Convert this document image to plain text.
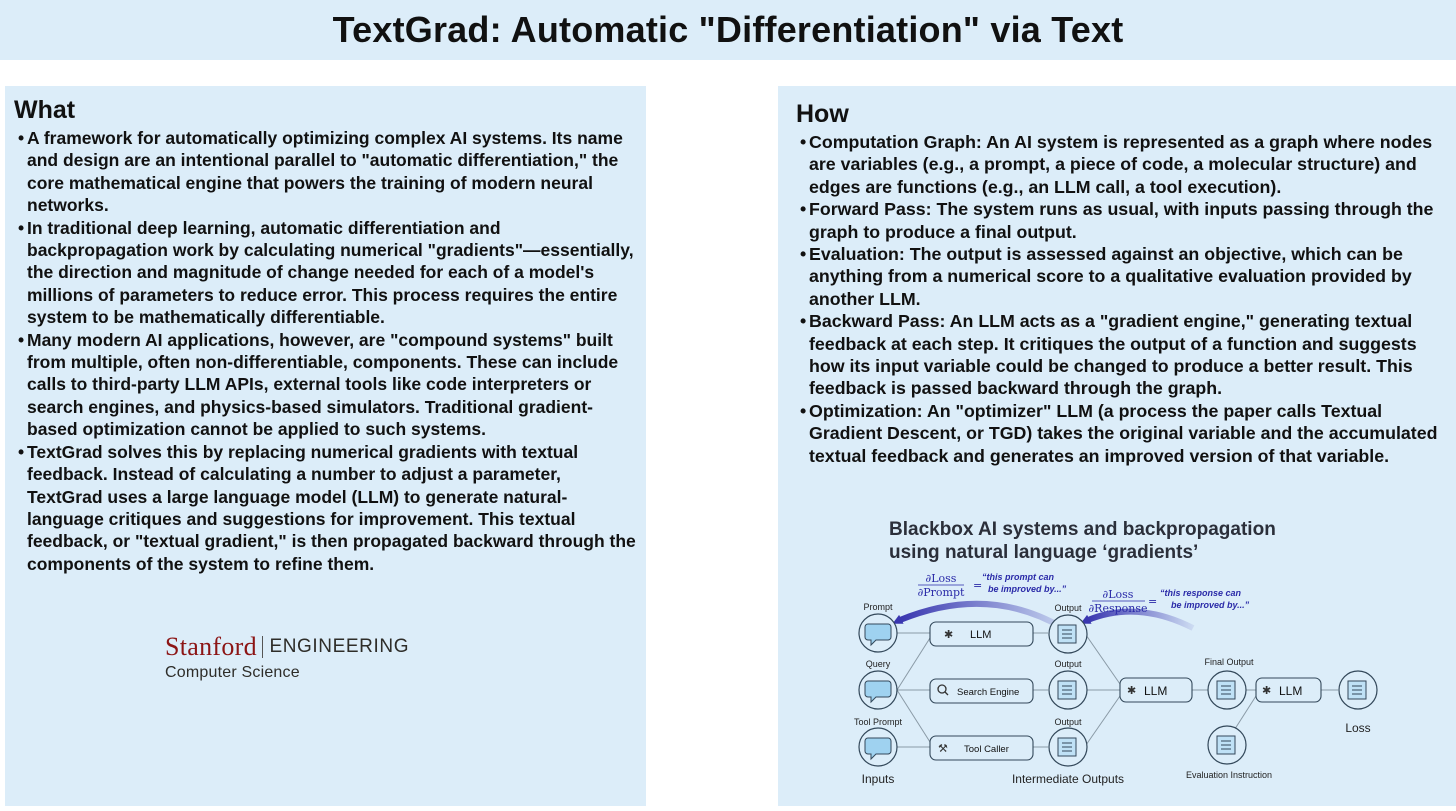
TextGrad: Automatic "Differentiation" via Text
What
• A framework for automatically optimizing complex AI systems. Its name and design are an intentional parallel to "automatic differentiation," the core mathematical engine that powers the training of modern neural networks.
• In traditional deep learning, automatic differentiation and backpropagation work by calculating numerical "gradients"—essentially, the direction and magnitude of change needed for each of a model's millions of parameters to reduce error. This process requires the entire system to be mathematically differentiable.
• Many modern AI applications, however, are "compound systems" built from multiple, often non-differentiable, components. These can include calls to third-party LLM APIs, external tools like code interpreters or search engines, and physics-based simulators. Traditional gradient-based optimization cannot be applied to such systems.
• TextGrad solves this by replacing numerical gradients with textual feedback. Instead of calculating a number to adjust a parameter, TextGrad uses a large language model (LLM) to generate natural-language critiques and suggestions for improvement. This textual feedback, or "textual gradient," is then propagated backward through the components of the system to refine them.
Stanford ENGINEERING
Computer Science
How
• Computation Graph: An AI system is represented as a graph where nodes are variables (e.g., a prompt, a piece of code, a molecular structure) and edges are functions (e.g., an LLM call, a tool execution).
• Forward Pass: The system runs as usual, with inputs passing through the graph to produce a final output.
• Evaluation: The output is assessed against an objective, which can be anything from a numerical score to a qualitative evaluation provided by another LLM.
• Backward Pass: An LLM acts as a "gradient engine," generating textual feedback at each step. It critiques the output of a function and suggests how its input variable could be changed to produce a better result. This feedback is passed backward through the graph.
• Optimization: An "optimizer" LLM (a process the paper calls Textual Gradient Descent, or TGD) takes the original variable and the accumulated textual feedback and generates an improved version of that variable.
Blackbox AI systems and backpropagation
using natural language ‘gradients’
∂Loss
∂Prompt
=
“this prompt can
be improved by...”	∂Loss
∂Response
=
“this response can
be improved by...”
✱ LLM
Search Engine
⚒ Tool Caller
✱ LLM	✱ LLM
Prompt
Query
Tool Prompt
Inputs
Output
Output
Output
Intermediate Outputs
Final Output
Evaluation Instruction
Loss
